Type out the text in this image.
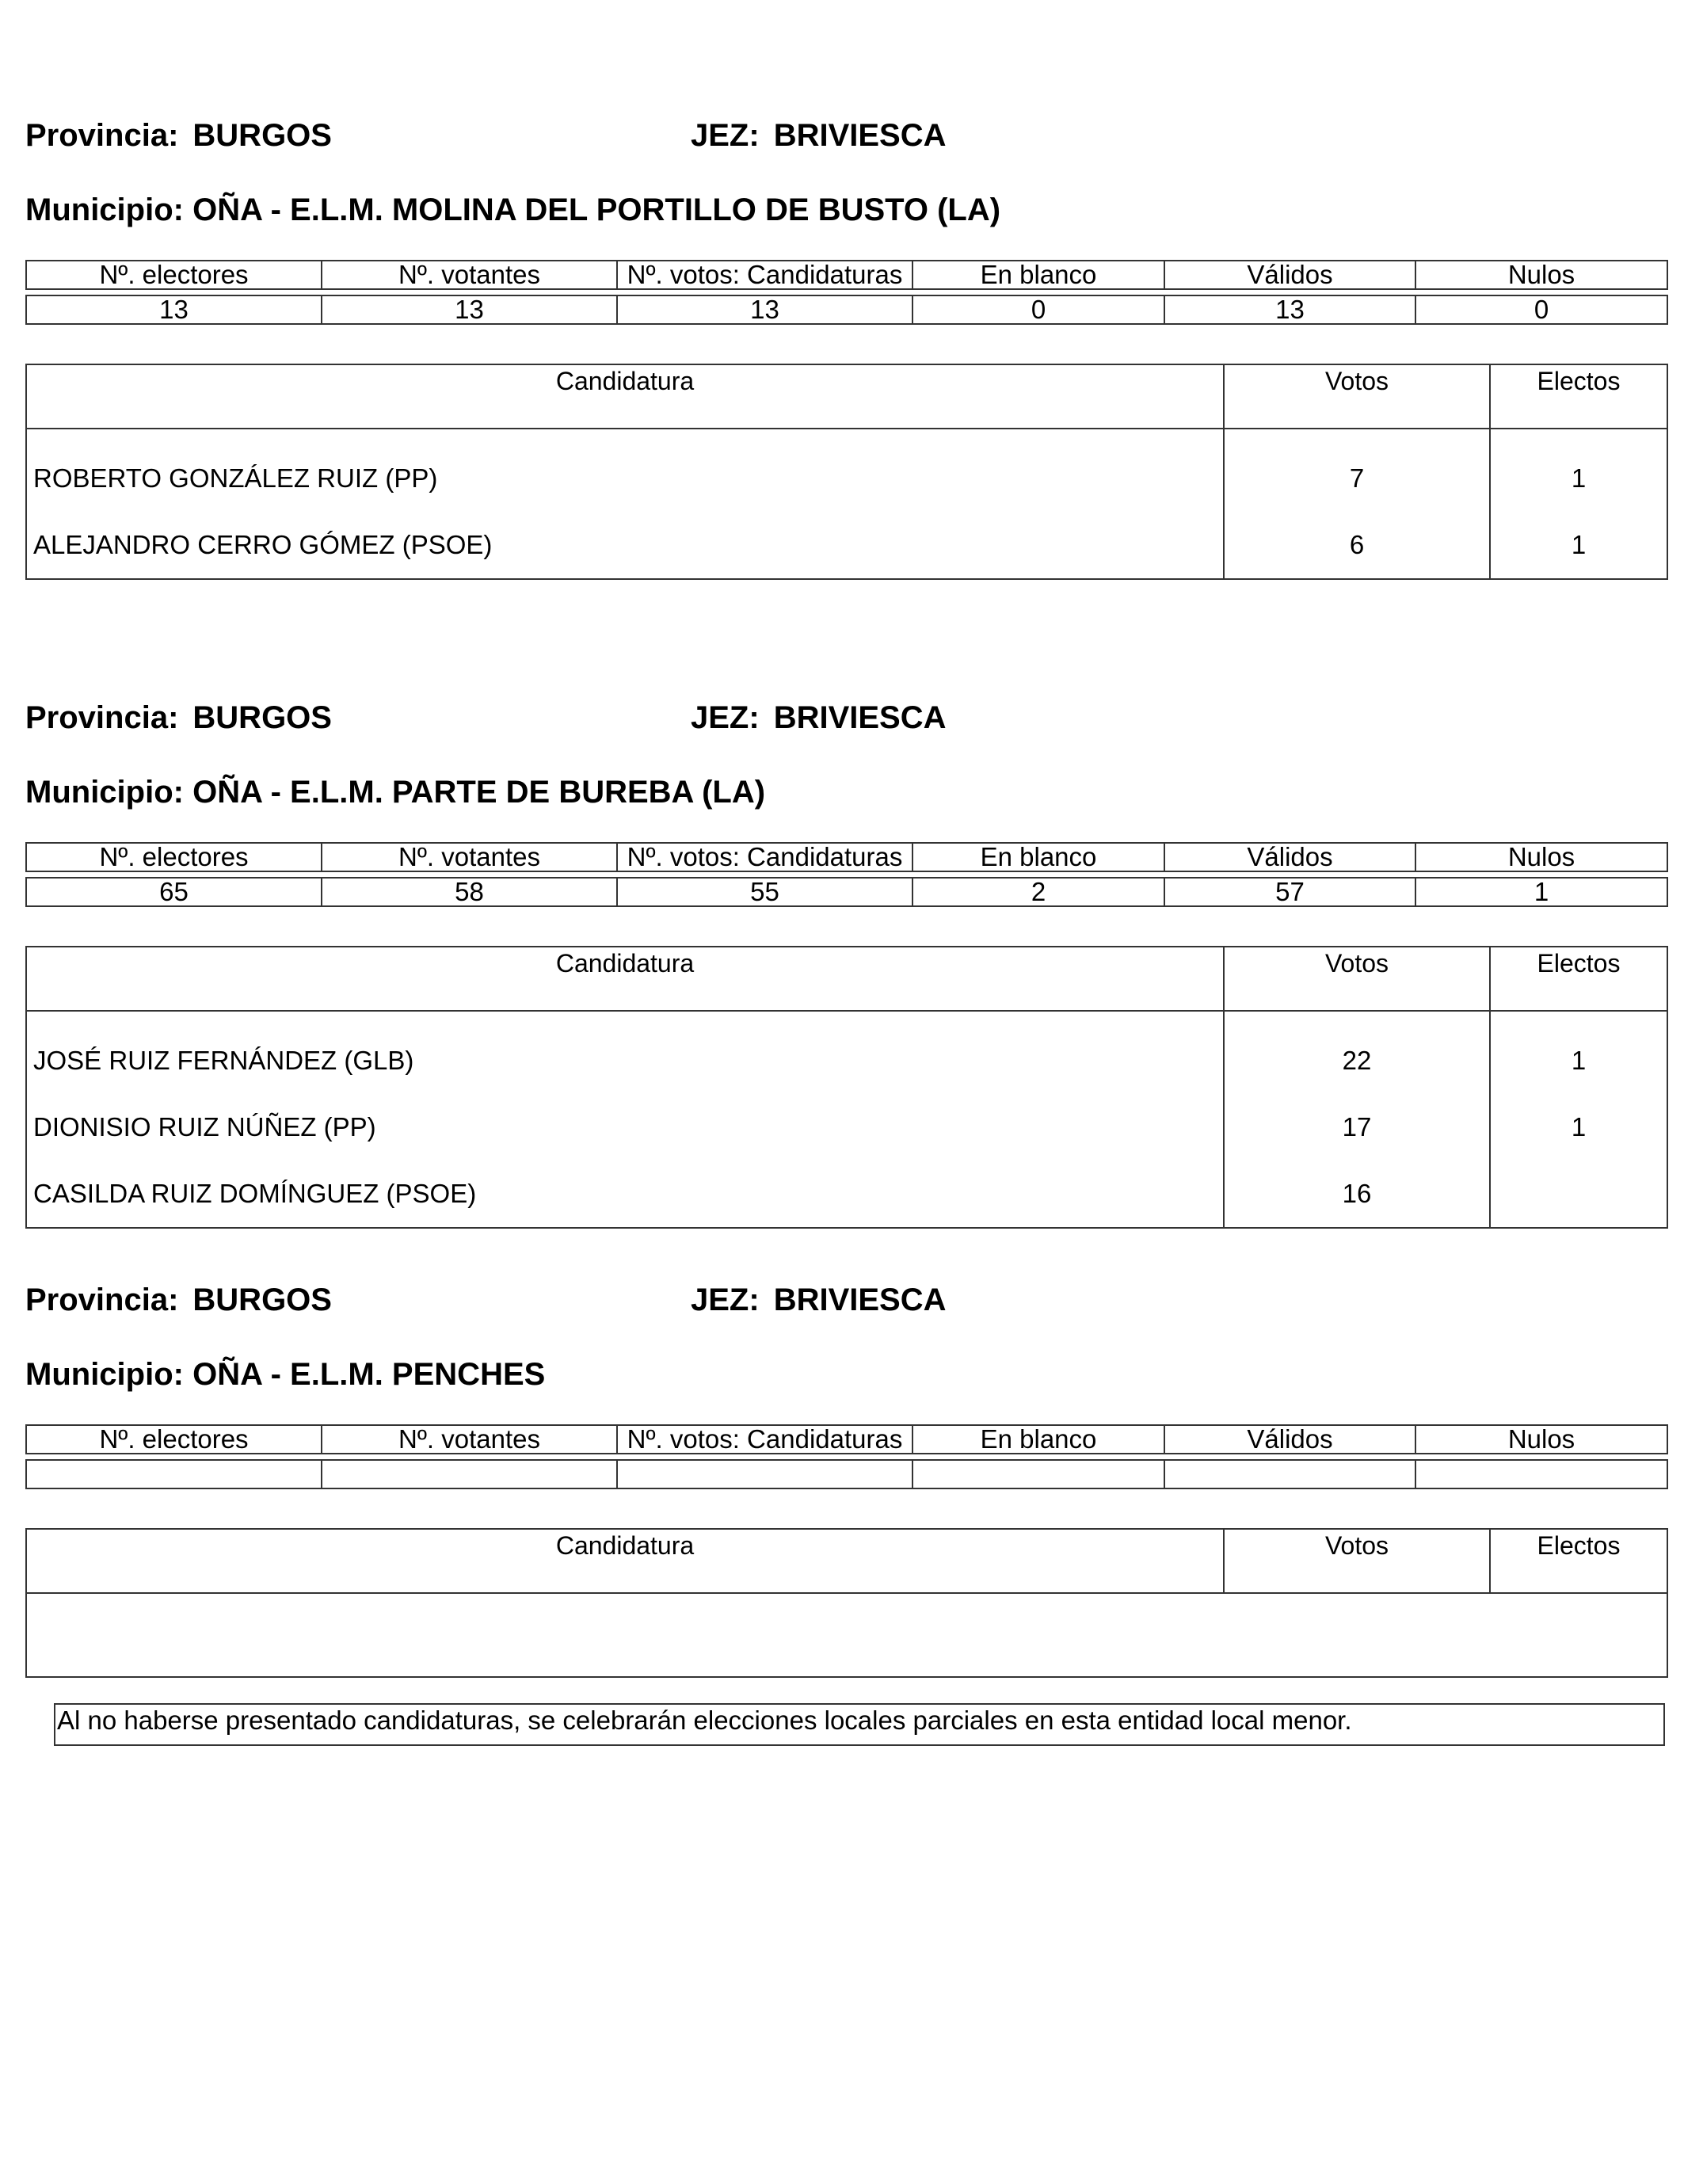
Provincia: BURGOS	JEZ: BRIVIESCA
Municipio: OÑA - E.L.M. MOLINA DEL PORTILLO DE BUSTO (LA)
Nº. electores	Nº. votantes	Nº. votos: Candidaturas	En blanco	Válidos	Nulos

13	13	13	0	13	0
Candidatura	Votos	Electos
ROBERTO GONZÁLEZ RUIZ (PP)	7	1
ALEJANDRO CERRO GÓMEZ (PSOE)	6	1
Provincia: BURGOS	JEZ: BRIVIESCA
Municipio: OÑA - E.L.M. PARTE DE BUREBA (LA)
Nº. electores	Nº. votantes	Nº. votos: Candidaturas	En blanco	Válidos	Nulos

65	58	55	2	57	1
Candidatura	Votos	Electos
JOSÉ RUIZ FERNÁNDEZ (GLB)	22	1
DIONISIO RUIZ NÚÑEZ (PP)	17	1
CASILDA RUIZ DOMÍNGUEZ (PSOE)	16	
Provincia: BURGOS	JEZ: BRIVIESCA
Municipio: OÑA - E.L.M. PENCHES
Nº. electores	Nº. votantes	Nº. votos: Candidaturas	En blanco	Válidos	Nulos

Candidatura	Votos	Electos

Al no haberse presentado candidaturas, se celebrarán elecciones locales parciales en esta entidad local menor.
